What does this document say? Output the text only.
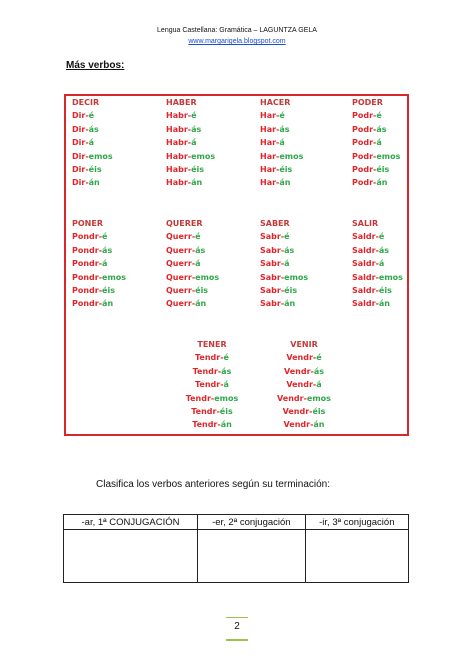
Lengua Castellana: Gramática – LAGUNTZA GELA
www.margarigela.blogspot.com
Más verbos:
DECIR
Dir-é
Dir-ás
Dir-á
Dir-emos
Dir-éis
Dir-án
HABER
Habr-é
Habr-ás
Habr-á
Habr-emos
Habr-éis
Habr-án
HACER
Har-é
Har-ás
Har-á
Har-emos
Har-éis
Har-án
PODER
Podr-é
Podr-ás
Podr-á
Podr-emos
Podr-éis
Podr-án
PONER
Pondr-é
Pondr-ás
Pondr-á
Pondr-emos
Pondr-éis
Pondr-án
QUERER
Querr-é
Querr-ás
Querr-á
Querr-emos
Querr-éis
Querr-án
SABER
Sabr-é
Sabr-ás
Sabr-á
Sabr-emos
Sabr-éis
Sabr-án
SALIR
Saldr-é
Saldr-ás
Saldr-á
Saldr-emos
Saldr-éis
Saldr-án
TENER
Tendr-é
Tendr-ás
Tendr-á
Tendr-emos
Tendr-éis
Tendr-án
VENIR
Vendr-é
Vendr-ás
Vendr-á
Vendr-emos
Vendr-éis
Vendr-án
Clasifica los verbos anteriores según su terminación:
-ar, 1ª CONJUGACIÓN	-er, 2ª conjugación	-ir, 3ª conjugación

2
